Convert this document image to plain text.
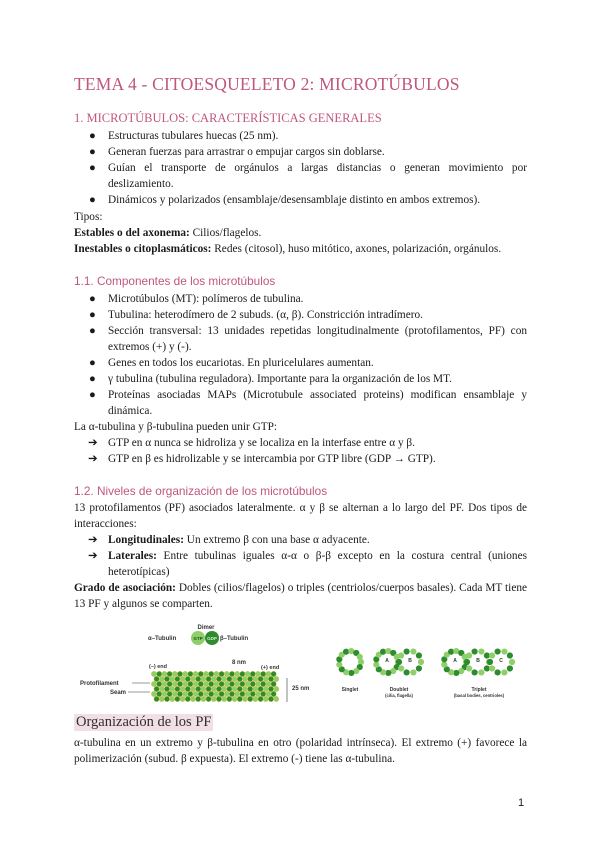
TEMA 4 - CITOESQUELETO 2: MICROTÚBULOS
1. MICROTÚBULOS: CARACTERÍSTICAS GENERALES
● Estructuras tubulares huecas (25 nm).
● Generan fuerzas para arrastrar o empujar cargos sin doblarse.
● Guían el transporte de orgánulos a largas distancias o generan movimiento por deslizamiento.
● Dinámicos y polarizados (ensamblaje/desensamblaje distinto en ambos extremos).
Tipos:
Estables o del axonema: Cilios/flagelos.
Inestables o citoplasmáticos: Redes (citosol), huso mitótico, axones, polarización, orgánulos.
1.1. Componentes de los microtúbulos
● Microtúbulos (MT): polímeros de tubulina.
● Tubulina: heterodímero de 2 subuds. (α, β). Constricción intradímero.
● Sección transversal: 13 unidades repetidas longitudinalmente (protofilamentos, PF) con extremos (+) y (-).
● Genes en todos los eucariotas. En pluricelulares aumentan.
● γ tubulina (tubulina reguladora). Importante para la organización de los MT.
● Proteínas asociadas MAPs (Microtubule associated proteins) modifican ensamblaje y dinámica.
La α-tubulina y β-tubulina pueden unir GTP:
➔ GTP en α nunca se hidroliza y se localiza en la interfase entre α y β.
➔ GTP en β es hidrolizable y se intercambia por GTP libre (GDP → GTP).
1.2. Niveles de organización de los microtúbulos
13 protofilamentos (PF) asociados lateralmente. α y β se alternan a lo largo del PF. Dos tipos de interacciones:
➔ Longitudinales: Un extremo β con una base α adyacente.
➔ Laterales: Entre tubulinas iguales α-α o β-β excepto en la costura central (uniones heterotípicas)
Grado de asociación: Dobles (cilios/flagelos) o triples (centriolos/cuerpos basales). Cada MT tiene 13 PF y algunos se comparten.
Dimer
α–Tubulin	GTP GDP β–Tubulin
(–) end	(+) end
8 nm
25 nm
Protofilament
Seam	Singlet	Doublet
(cilia, flagella)
Triplet
(basal bodies, centrioles)
A	B	A	B	C
Organización de los PF
α-tubulina en un extremo y β-tubulina en otro (polaridad intrínseca). El extremo (+) favorece la polimerización (subud. β expuesta). El extremo (-) tiene las α-tubulina.
1
